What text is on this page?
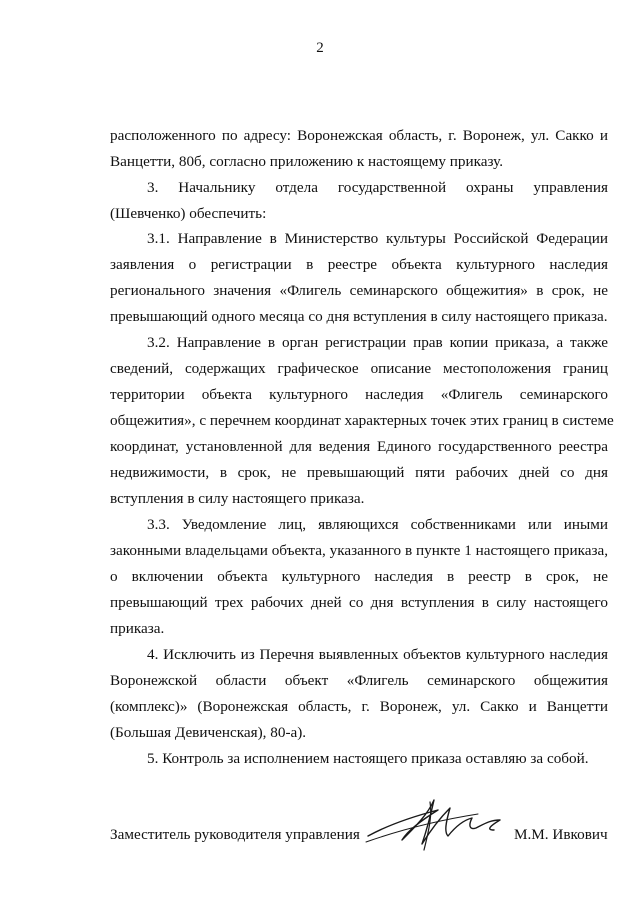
2
расположенного по адресу: Воронежская область, г. Воронеж, ул. Сакко и
Ванцетти, 80б, согласно приложению к настоящему приказу.
3. Начальнику отдела государственной охраны управления
(Шевченко) обеспечить:
3.1. Направление в Министерство культуры Российской Федерации
заявления о регистрации в реестре объекта культурного наследия
регионального значения «Флигель семинарского общежития» в срок, не
превышающий одного месяца со дня вступления в силу настоящего приказа.
3.2. Направление в орган регистрации прав копии приказа, а также
сведений, содержащих графическое описание местоположения границ
территории объекта культурного наследия «Флигель семинарского
общежития», с перечнем координат характерных точек этих границ в системе
координат, установленной для ведения Единого государственного реестра
недвижимости, в срок, не превышающий пяти рабочих дней со дня
вступления в силу настоящего приказа.
3.3. Уведомление лиц, являющихся собственниками или иными
законными владельцами объекта, указанного в пункте 1 настоящего приказа,
о включении объекта культурного наследия в реестр в срок, не
превышающий трех рабочих дней со дня вступления в силу настоящего
приказа.
4. Исключить из Перечня выявленных объектов культурного наследия
Воронежской области объект «Флигель семинарского общежития
(комплекс)» (Воронежская область, г. Воронеж, ул. Сакко и Ванцетти
(Большая Девиченская), 80-а).
5. Контроль за исполнением настоящего приказа оставляю за собой.
Заместитель руководителя управления	М.М. Ивкович
